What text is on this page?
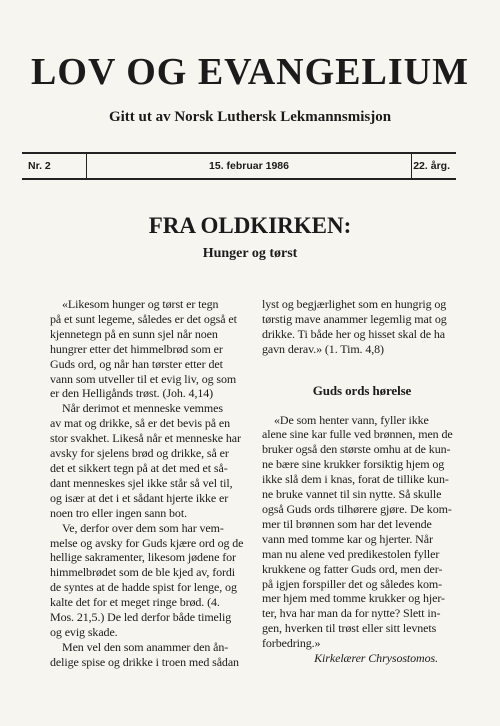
LOV OG EVANGELIUM
Gitt ut av Norsk Luthersk Lekmannsmisjon
Nr. 2	15. februar 1986	22. årg.
FRA OLDKIRKEN:
Hunger og tørst
«Likesom hunger og tørst er tegn
på et sunt legeme, således er det også et
kjennetegn på en sunn sjel når noen
hungrer etter det himmelbrød som er
Guds ord, og når han tørster etter det
vann som utveller til et evig liv, og som
er den Helligånds trøst. (Joh. 4,14)
Når derimot et menneske vemmes
av mat og drikke, så er det bevis på en
stor svakhet. Likeså når et menneske har
avsky for sjelens brød og drikke, så er
det et sikkert tegn på at det med et så-
dant menneskes sjel ikke står så vel til,
og især at det i et sådant hjerte ikke er
noen tro eller ingen sann bot.
Ve, derfor over dem som har vem-
melse og avsky for Guds kjære ord og de
hellige sakramenter, likesom jødene for
himmelbrødet som de ble kjed av, fordi
de syntes at de hadde spist for lenge, og
kalte det for et meget ringe brød. (4.
Mos. 21,5.) De led derfor både timelig
og evig skade.
Men vel den som anammer den ån-
delige spise og drikke i troen med sådan
lyst og begjærlighet som en hungrig og
tørstig mave anammer legemlig mat og
drikke. Ti både her og hisset skal de ha
gavn derav.» (1. Tim. 4,8)
Guds ords hørelse
«De som henter vann, fyller ikke
alene sine kar fulle ved brønnen, men de
bruker også den største omhu at de kun-
ne bære sine krukker forsiktig hjem og
ikke slå dem i knas, forat de tillike kun-
ne bruke vannet til sin nytte. Så skulle
også Guds ords tilhørere gjøre. De kom-
mer til brønnen som har det levende
vann med tomme kar og hjerter. Når
man nu alene ved predikestolen fyller
krukkene og fatter Guds ord, men der-
på igjen forspiller det og således kom-
mer hjem med tomme krukker og hjer-
ter, hva har man da for nytte? Slett in-
gen, hverken til trøst eller sitt levnets
forbedring.»
Kirkelærer Chrysostomos.
